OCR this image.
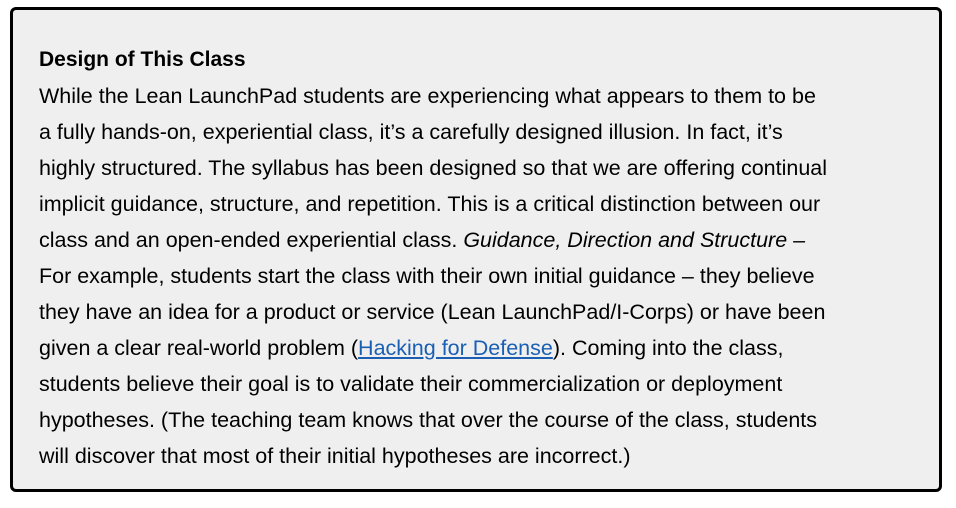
Design of This Class

While the Lean LaunchPad students are experiencing what appears to them to be
a fully hands-on, experiential class, it’s a carefully designed illusion. In fact, it’s
highly structured. The syllabus has been designed so that we are offering continual
implicit guidance, structure, and repetition. This is a critical distinction between our
class and an open-ended experiential class. Guidance, Direction and Structure –
For example, students start the class with their own initial guidance – they believe
they have an idea for a product or service (Lean LaunchPad/I-Corps) or have been
given a clear real-world problem (Hacking for Defense). Coming into the class,
students believe their goal is to validate their commercialization or deployment
hypotheses. (The teaching team knows that over the course of the class, students
will discover that most of their initial hypotheses are incorrect.)
